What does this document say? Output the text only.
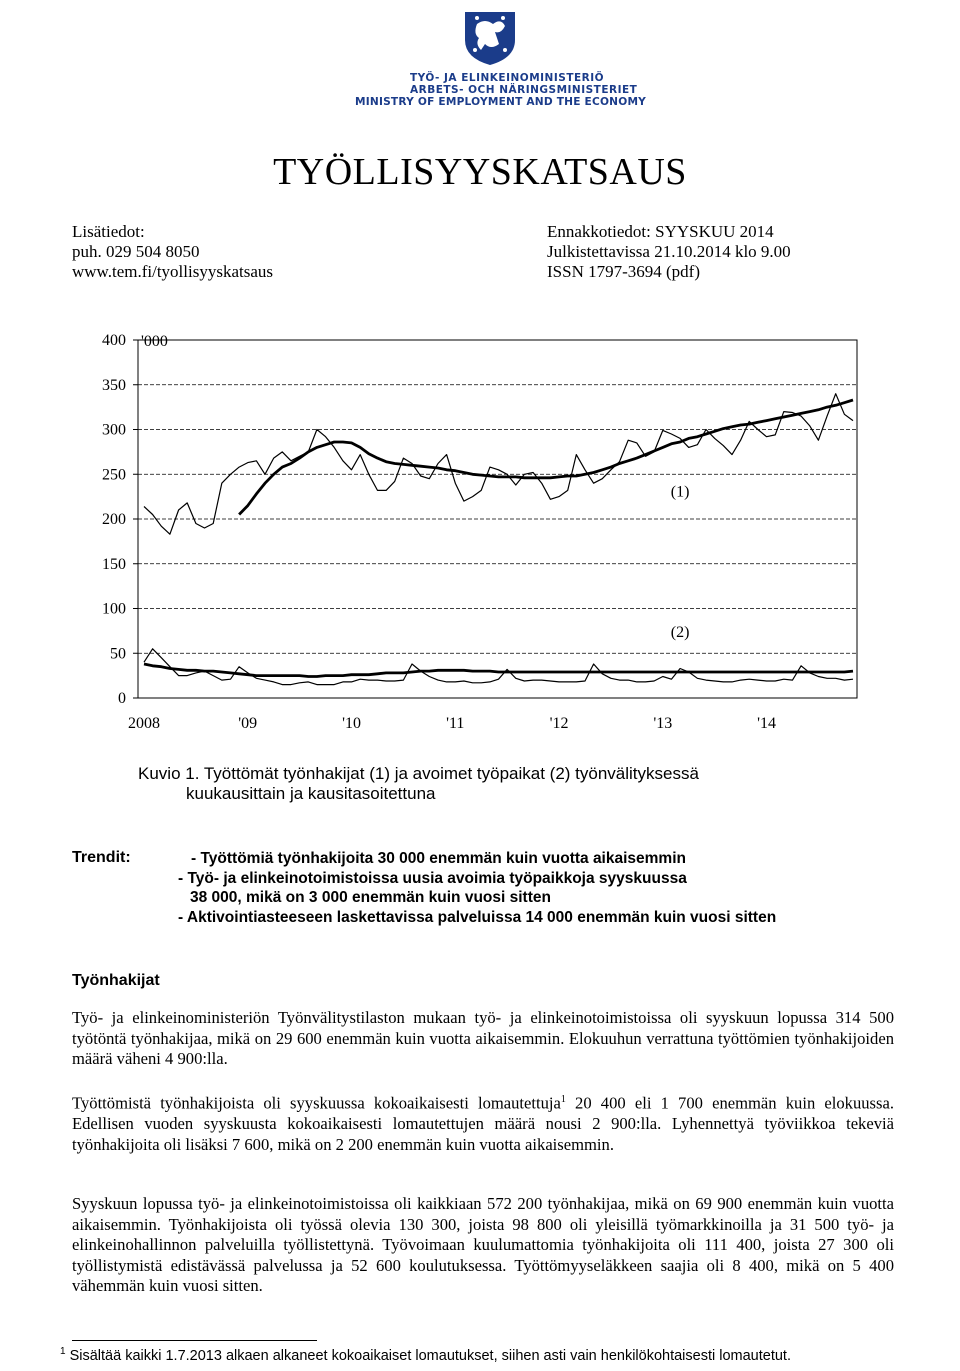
TYÖ- JA ELINKEINOMINISTERIÖ
ARBETS- OCH NÄRINGSMINISTERIET
MINISTRY OF EMPLOYMENT AND THE ECONOMY
TYÖLLISYYSKATSAUS
Lisätiedot:
puh. 029 504 8050
www.tem.fi/tyollisyyskatsaus
Ennakkotiedot: SYYSKUU 2014
Julkistettavissa 21.10.2014 klo 9.00
ISSN 1797-3694 (pdf)
0
50
100
150
200
250
300
350
400 '000
2008	'09	'10	'11	'12	'13	'14
(1)
(2)
Kuvio 1. Työttömät työnhakijat (1) ja avoimet työpaikat (2) työnvälityksessä
kuukausittain ja kausitasoitettuna
Trendit:	- Työttömiä työnhakijoita 30 000 enemmän kuin vuotta aikaisemmin
- Työ- ja elinkeinotoimistoissa uusia avoimia työpaikkoja syyskuussa
38 000, mikä on 3 000 enemmän kuin vuosi sitten
- Aktivointiasteeseen laskettavissa palveluissa 14 000 enemmän kuin vuosi sitten
Työnhakijat

Työ- ja elinkeinoministeriön Työnvälitystilaston mukaan työ- ja elinkeinotoimistoissa oli syyskuun lopussa 314 500 työtöntä työnhakijaa, mikä on 29 600 enemmän kuin vuotta aikaisemmin. Elokuuhun verrattuna työttömien työnhakijoiden määrä väheni 4 900:lla.

Työttömistä työnhakijoista oli syyskuussa kokoaikaisesti lomautettuja$^1$ 20 400 eli 1 700 enemmän kuin elokuussa. Edellisen vuoden syyskuusta kokoaikaisesti lomautettujen määrä nousi 2 900:lla. Lyhennettyä työviikkoa tekeviä työnhakijoita oli lisäksi 7 600, mikä on 2 200 enemmän kuin vuotta aikaisemmin.

Syyskuun lopussa työ- ja elinkeinotoimistoissa oli kaikkiaan 572 200 työnhakijaa, mikä on 69 900 enemmän kuin vuotta aikaisemmin. Työnhakijoista oli työssä olevia 130 300, joista 98 800 oli yleisillä työmarkkinoilla ja 31 500 työ- ja elinkeinohallinnon palveluilla työllistettynä. Työvoimaan kuulumattomia työnhakijoita oli 111 400, joista 27 300 oli työllistymistä edistävässä palvelussa ja 52 600 koulutuksessa. Työttömyyseläkkeen saajia oli 8 400, mikä on 5 400 vähemmän kuin vuosi sitten.

$^1$ Sisältää kaikki 1.7.2013 alkaen alkaneet kokoaikaiset lomautukset, siihen asti vain henkilökohtaisesti lomautetut.
